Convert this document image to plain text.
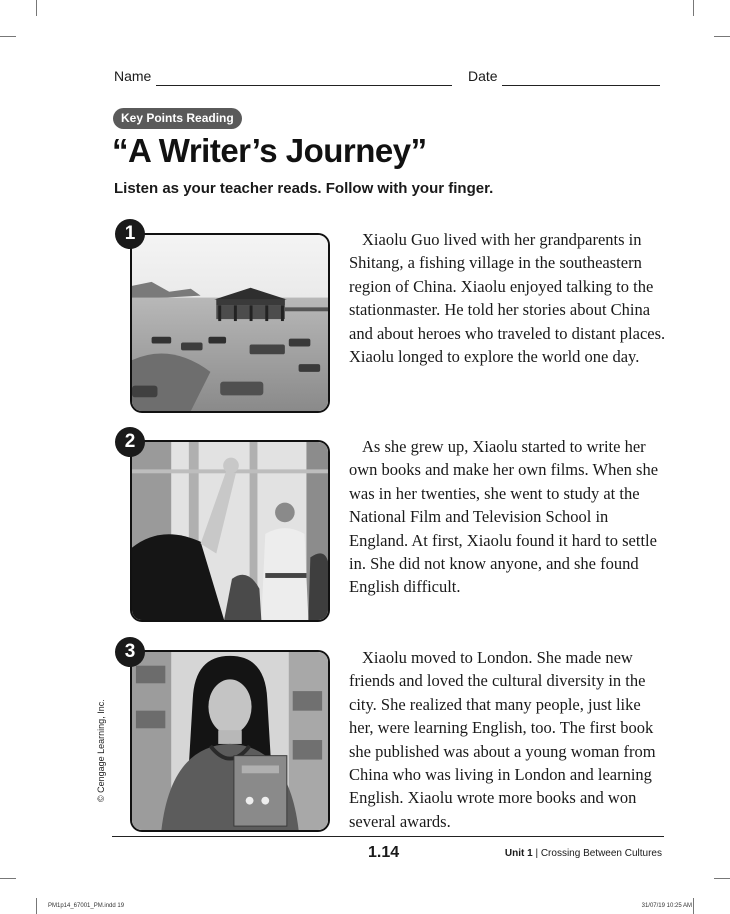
Name	Date
Key Points Reading
“A Writer’s Journey”
Listen as your teacher reads. Follow with your finger.
1	Xiaolu Guo lived with her grandparents in Shitang, a fishing village in the southeastern region of China. Xiaolu enjoyed talking to the stationmaster. He told her stories about China and about heroes who traveled to distant places. Xiaolu longed to explore the world one day.
2	As she grew up, Xiaolu started to write her own books and make her own films. When she was in her twenties, she went to study at the National Film and Television School in England. At first, Xiaolu found it hard to settle in. She did not know anyone, and she found English difficult.
3	Xiaolu moved to London. She made new friends and loved the cultural diversity in the city. She realized that many people, just like her, were learning English, too. The first book she published was about a young woman from China who was living in London and learning English. Xiaolu wrote more books and won several awards.
© Cengage Learning, Inc.
1.14	Unit 1 | Crossing Between Cultures
PM1p14_67001_PM.indd 19	31/07/19 10:25 AM
